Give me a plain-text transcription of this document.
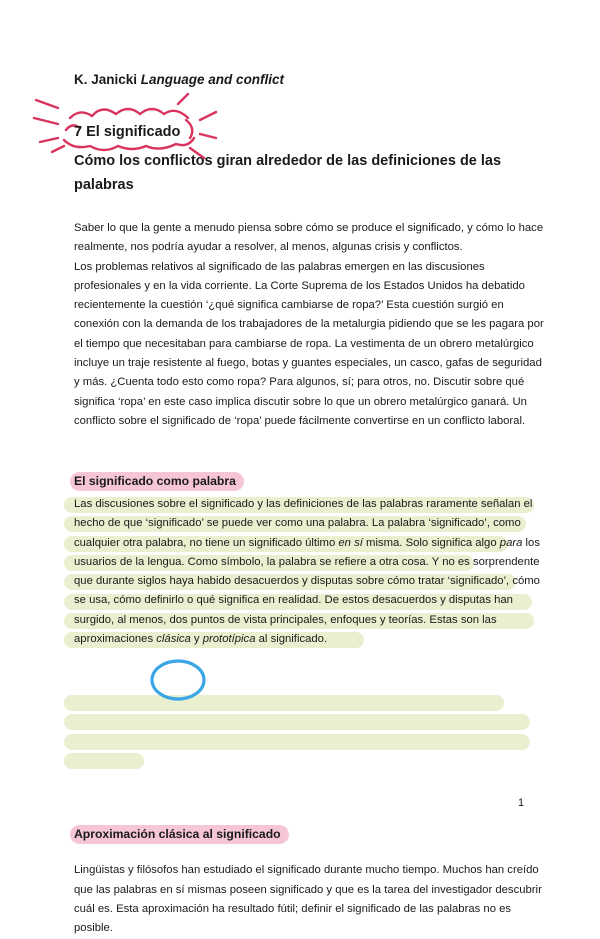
K. Janicki Language and conflict
7 El significado
Cómo los conflictos giran alrededor de las definiciones de las palabras

Saber lo que la gente a menudo piensa sobre cómo se produce el significado, y cómo lo hace realmente, nos podría ayudar a resolver, al menos, algunas crisis y conflictos.

Los problemas relativos al significado de las palabras emergen en las discusiones profesionales y en la vida corriente. La Corte Suprema de los Estados Unidos ha debatido recientemente la cuestión ‘¿qué significa cambiarse de ropa?’ Esta cuestión surgió en conexión con la demanda de los trabajadores de la metalurgia pidiendo que se les pagara por el tiempo que necesitaban para cambiarse de ropa. La vestimenta de un obrero metalúrgico incluye un traje resistente al fuego, botas y guantes especiales, un casco, gafas de seguridad y más. ¿Cuenta todo esto como ropa? Para algunos, sí; para otros, no. Discutir sobre qué significa ‘ropa’ en este caso implica discutir sobre lo que un obrero metalúrgico ganará. Un conflicto sobre el significado de ‘ropa’ puede fácilmente convertirse en un conflicto laboral.

El significado como palabra

Las discusiones sobre el significado y las definiciones de las palabras raramente señalan el hecho de que ‘significado’ se puede ver como una palabra. La palabra ‘significado’, como cualquier otra palabra, no tiene un significado último en sí misma. Solo significa algo para los usuarios de la lengua. Como símbolo, la palabra se refiere a otra cosa. Y no es sorprendente que durante siglos haya habido desacuerdos y disputas sobre cómo tratar ‘significado’, cómo se usa, cómo definirlo o qué significa en realidad. De estos desacuerdos y disputas han surgido, al menos, dos puntos de vista principales, enfoques y teorías. Estas son las aproximaciones clásica y prototípica al significado.

Aproximación clásica al significado

Lingüistas y filósofos han estudiado el significado durante mucho tiempo. Muchos han creído que las palabras en sí mismas poseen significado y que es la tarea del investigador descubrir cuál es. Esta aproximación ha resultado fútil; definir el significado de las palabras no es posible.

1
